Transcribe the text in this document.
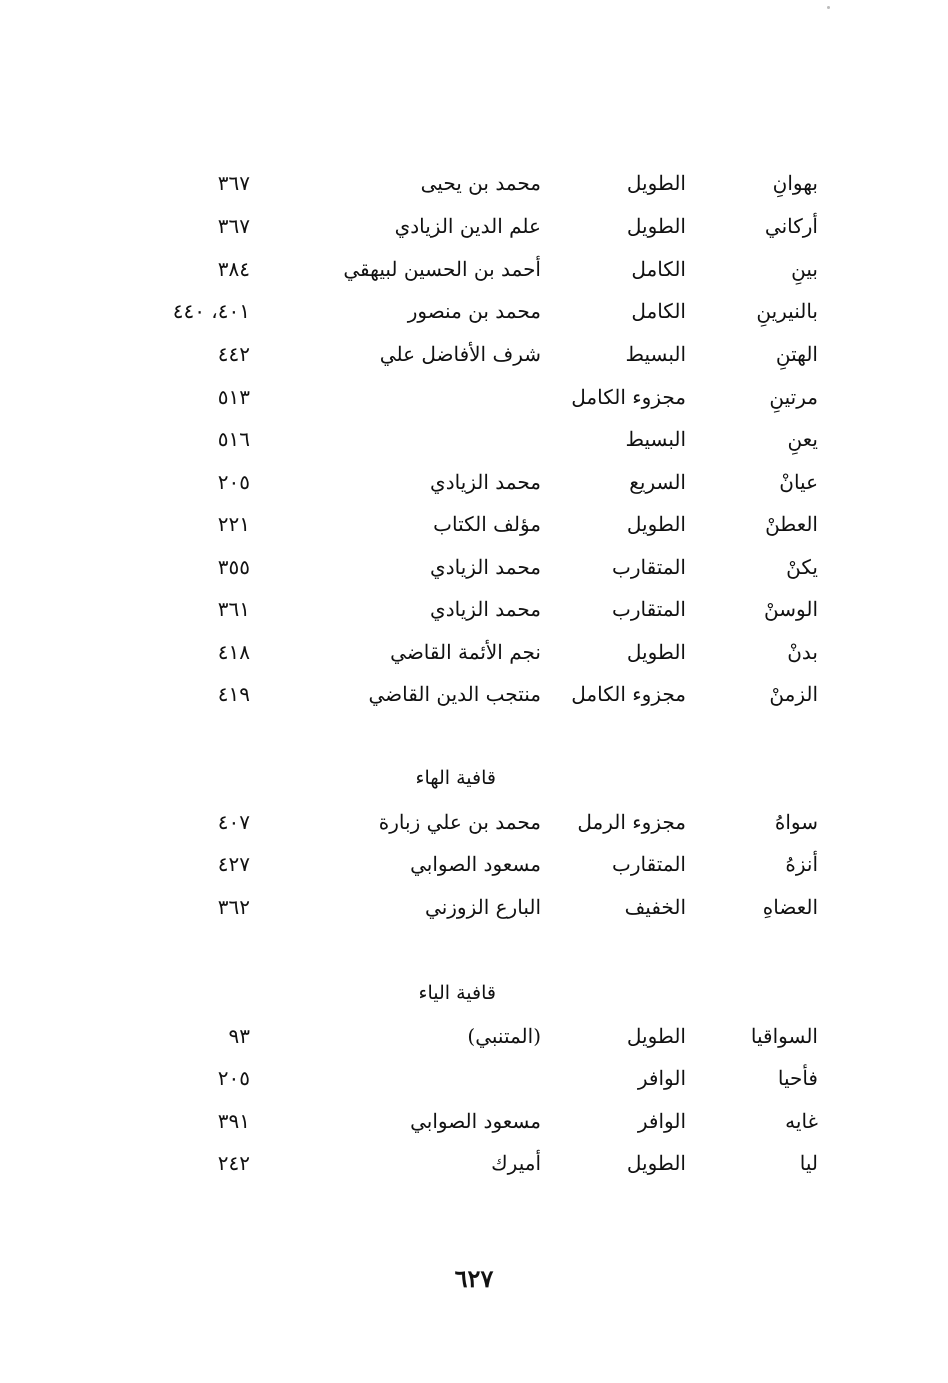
بهوانِ
الطويل
محمد بن يحيى
٣٦٧
أركاني
الطويل
علم الدين الزيادي
٣٦٧
بينِ
الكامل
أحمد بن الحسين لبيهقي
٣٨٤
بالنيرينِ
الكامل
محمد بن منصور
٤٠١، ٤٤٠
الهتنِ
البسيط
شرف الأفاضل علي
٤٤٢
مرتينِ
مجزوء الكامل
٥١٣
يعنِ
البسيط
٥١٦
عيانْ
السريع
محمد الزيادي
٢٠٥
العطنْ
الطويل
مؤلف الكتاب
٢٢١
يكنْ
المتقارب
محمد الزيادي
٣٥٥
الوسنْ
المتقارب
محمد الزيادي
٣٦١
بدنْ
الطويل
نجم الأئمة القاضي
٤١٨
الزمنْ
مجزوء الكامل
منتجب الدين القاضي
٤١٩
قافية الهاء
سواهُ
مجزوء الرمل
محمد بن علي زبارة
٤٠٧
أنزهُ
المتقارب
مسعود الصوابي
٤٢٧
العضاهِ
الخفيف
البارع الزوزني
٣٦٢
قافية الياء
السواقيا
الطويل
(المتنبي)
٩٣
فأحيا
الوافر
٢٠٥
غايه
الوافر
مسعود الصوابي
٣٩١
ليا
الطويل
أميرك
٢٤٢
٦٢٧
